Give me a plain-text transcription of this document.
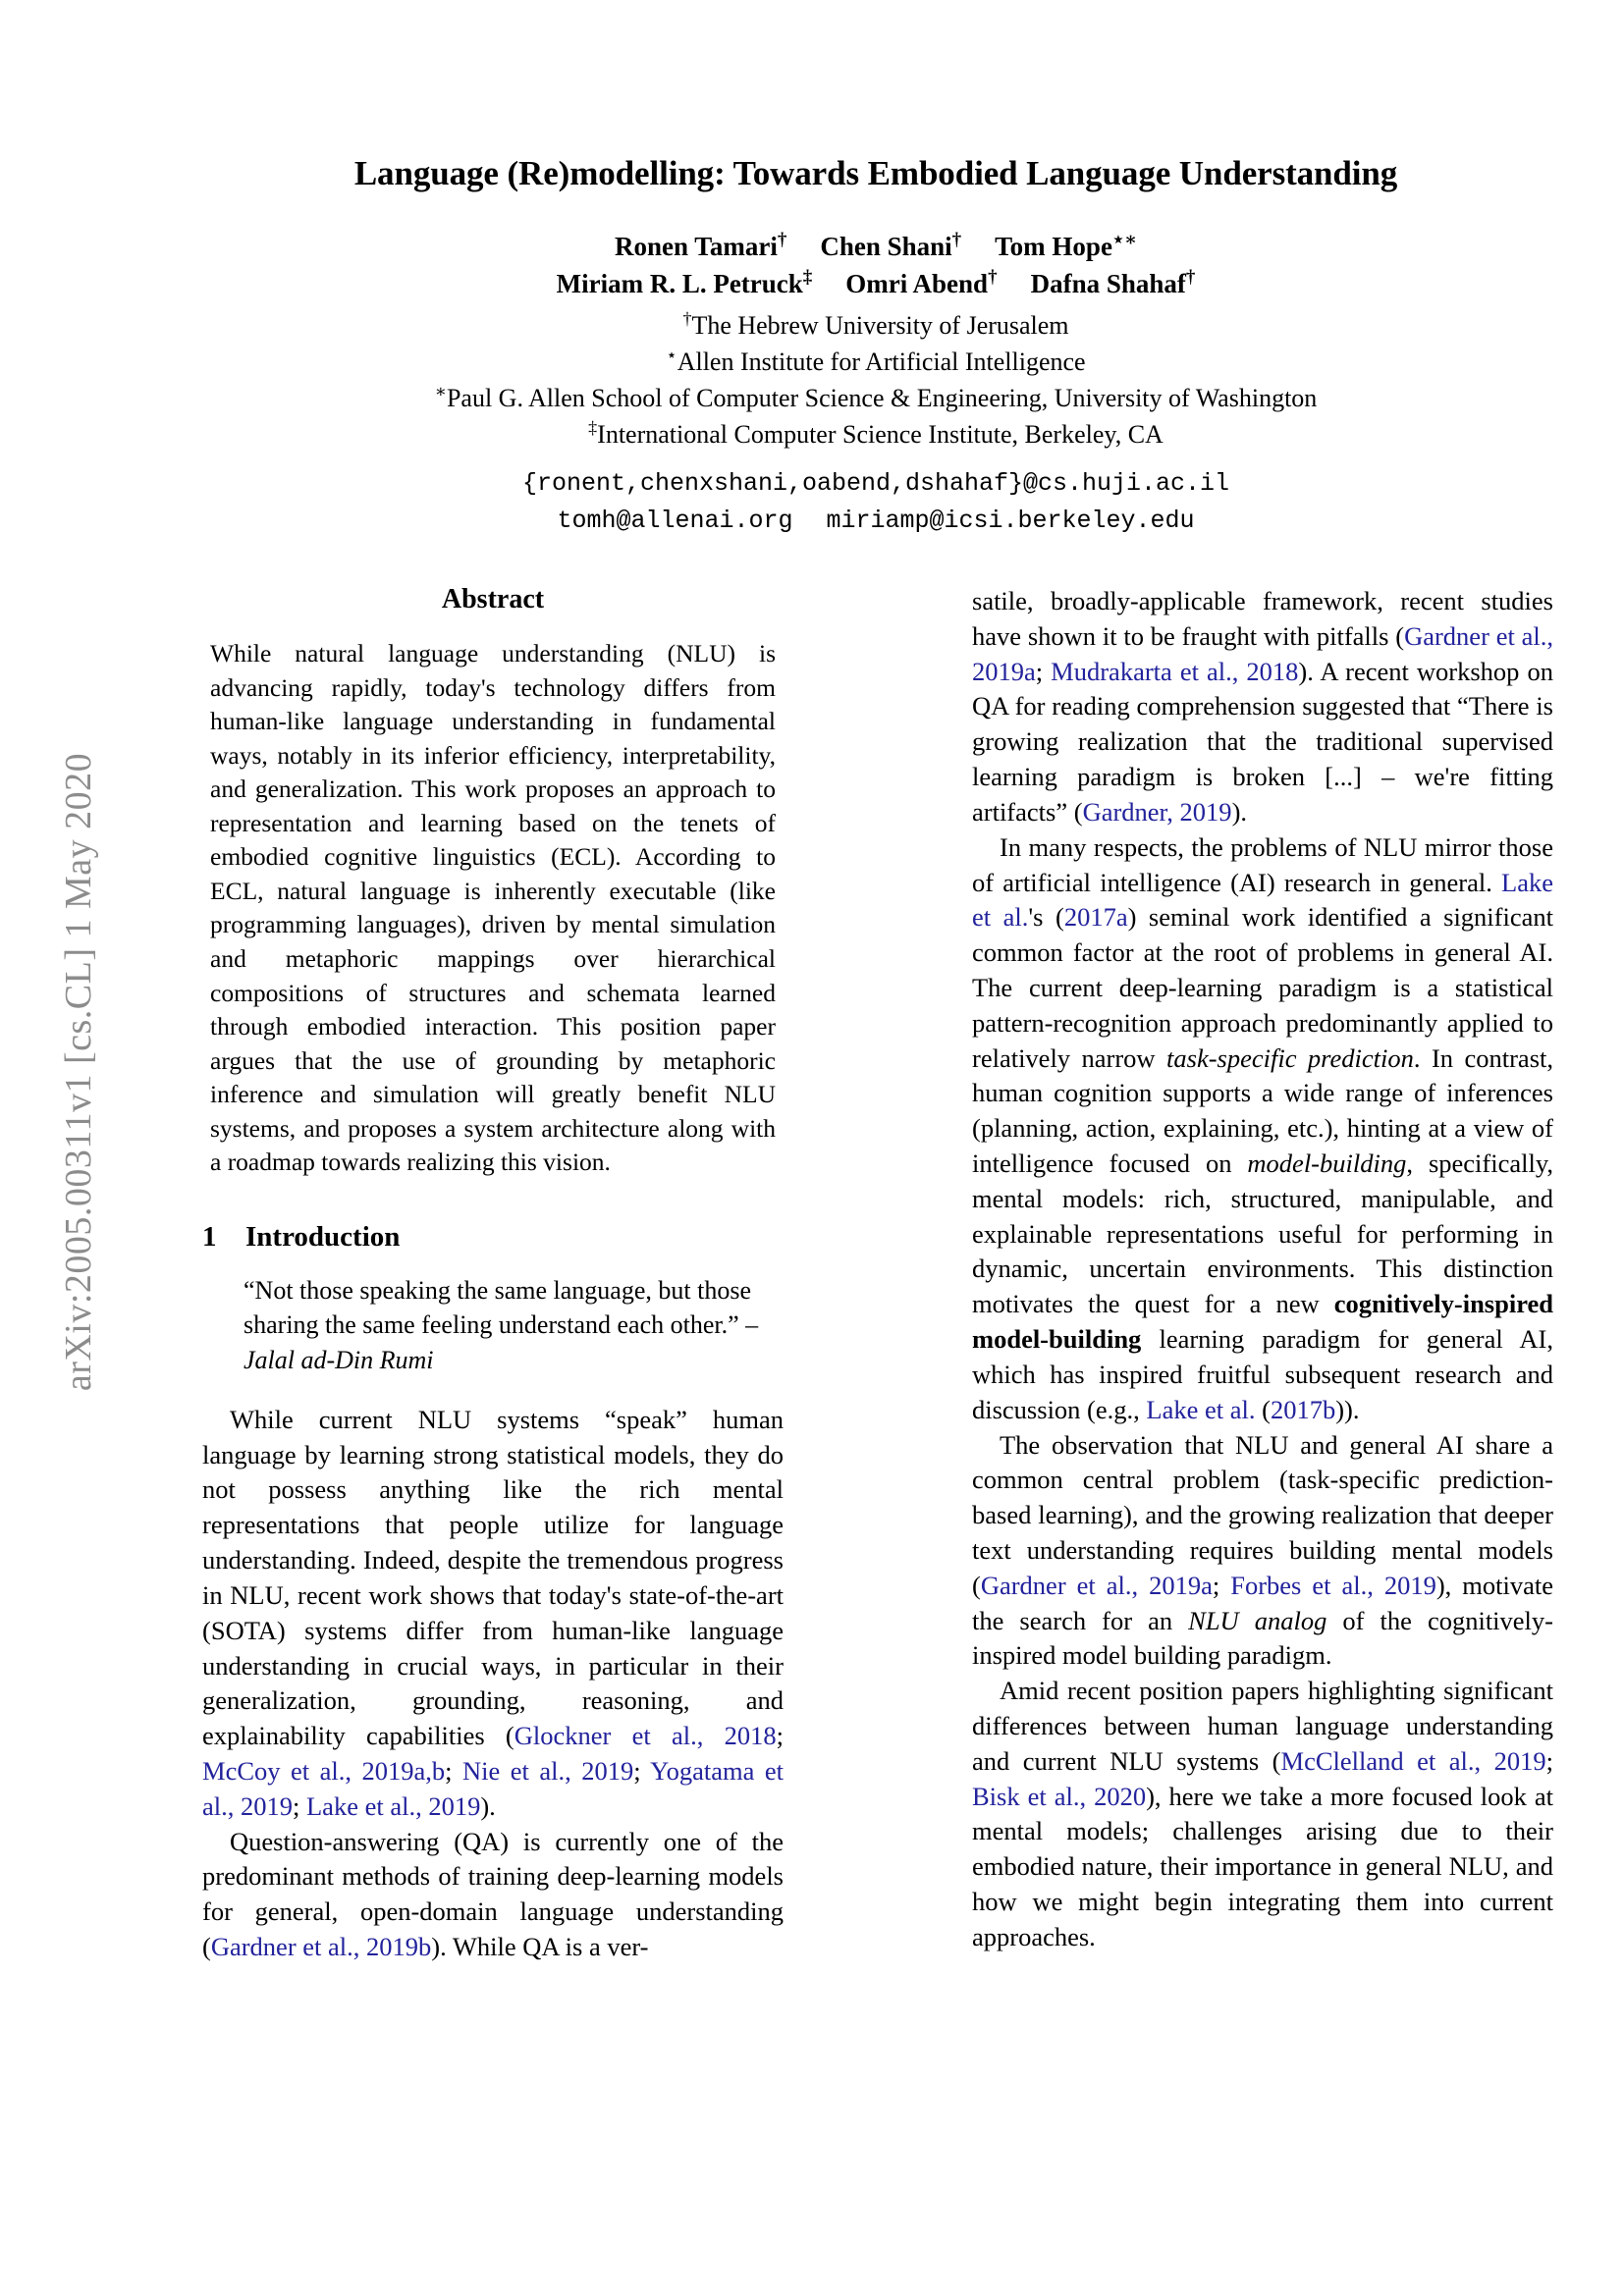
arXiv:2005.00311v1 [cs.CL] 1 May 2020
Language (Re)modelling: Towards Embodied Language Understanding
Ronen Tamari† Chen Shani† Tom Hope⋆∗
Miriam R. L. Petruck‡ Omri Abend† Dafna Shahaf†
†The Hebrew University of Jerusalem
⋆Allen Institute for Artificial Intelligence
∗Paul G. Allen School of Computer Science & Engineering, University of Washington
‡International Computer Science Institute, Berkeley, CA
{ronent,chenxshani,oabend,dshahaf}@cs.huji.ac.il
tomh@allenai.org miriamp@icsi.berkeley.edu
Abstract
While natural language understanding (NLU) is advancing rapidly, today's technology differs from human-like language understanding in fundamental ways, notably in its inferior efficiency, interpretability, and generalization. This work proposes an approach to representation and learning based on the tenets of embodied cognitive linguistics (ECL). According to ECL, natural language is inherently executable (like programming languages), driven by mental simulation and metaphoric mappings over hierarchical compositions of structures and schemata learned through embodied interaction. This position paper argues that the use of grounding by metaphoric inference and simulation will greatly benefit NLU systems, and proposes a system architecture along with a roadmap towards realizing this vision.
1 Introduction
“Not those speaking the same language, but those sharing the same feeling understand each other.” – Jalal ad-Din Rumi

While current NLU systems “speak” human language by learning strong statistical models, they do not possess anything like the rich mental representations that people utilize for language understanding. Indeed, despite the tremendous progress in NLU, recent work shows that today's state-of-the-art (SOTA) systems differ from human-like language understanding in crucial ways, in particular in their generalization, grounding, reasoning, and explainability capabilities (Glockner et al., 2018; McCoy et al., 2019a,b; Nie et al., 2019; Yogatama et al., 2019; Lake et al., 2019).

Question-answering (QA) is currently one of the predominant methods of training deep-learning models for general, open-domain language understanding (Gardner et al., 2019b). While QA is a ver-

satile, broadly-applicable framework, recent studies have shown it to be fraught with pitfalls (Gardner et al., 2019a; Mudrakarta et al., 2018). A recent workshop on QA for reading comprehension suggested that “There is growing realization that the traditional supervised learning paradigm is broken [...] – we're fitting artifacts” (Gardner, 2019).

In many respects, the problems of NLU mirror those of artificial intelligence (AI) research in general. Lake et al.'s (2017a) seminal work identified a significant common factor at the root of problems in general AI. The current deep-learning paradigm is a statistical pattern-recognition approach predominantly applied to relatively narrow task-specific prediction. In contrast, human cognition supports a wide range of inferences (planning, action, explaining, etc.), hinting at a view of intelligence focused on model-building, specifically, mental models: rich, structured, manipulable, and explainable representations useful for performing in dynamic, uncertain environments. This distinction motivates the quest for a new cognitively-inspired model-building learning paradigm for general AI, which has inspired fruitful subsequent research and discussion (e.g., Lake et al. (2017b)).

The observation that NLU and general AI share a common central problem (task-specific prediction-based learning), and the growing realization that deeper text understanding requires building mental models (Gardner et al., 2019a; Forbes et al., 2019), motivate the search for an NLU analog of the cognitively-inspired model building paradigm.

Amid recent position papers highlighting significant differences between human language understanding and current NLU systems (McClelland et al., 2019; Bisk et al., 2020), here we take a more focused look at mental models; challenges arising due to their embodied nature, their importance in general NLU, and how we might begin integrating them into current approaches.
